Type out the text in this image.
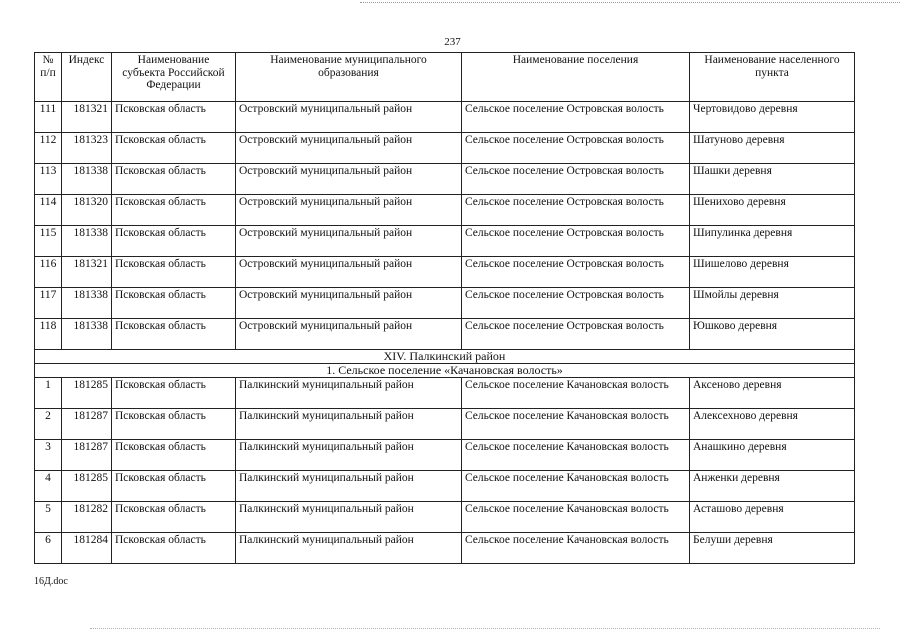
237
№ п/п	Индекс	Наименование субъекта Российской Федерации	Наименование муниципального образования	Наименование поселения	Наименование населенного пункта
111	181321	Псковская область	Островский муниципальный район	Сельское поселение Островская волость	Чертовидово деревня
112	181323	Псковская область	Островский муниципальный район	Сельское поселение Островская волость	Шатуново деревня
113	181338	Псковская область	Островский муниципальный район	Сельское поселение Островская волость	Шашки деревня
114	181320	Псковская область	Островский муниципальный район	Сельское поселение Островская волость	Шенихово деревня
115	181338	Псковская область	Островский муниципальный район	Сельское поселение Островская волость	Шипулинка деревня
116	181321	Псковская область	Островский муниципальный район	Сельское поселение Островская волость	Шишелово деревня
117	181338	Псковская область	Островский муниципальный район	Сельское поселение Островская волость	Шмойлы деревня
118	181338	Псковская область	Островский муниципальный район	Сельское поселение Островская волость	Юшково деревня
XIV. Палкинский район					
1. Сельское поселение «Качановская волость»					
1	181285	Псковская область	Палкинский муниципальный район	Сельское поселение Качановская волость	Аксеново деревня
2	181287	Псковская область	Палкинский муниципальный район	Сельское поселение Качановская волость	Алексехново деревня
3	181287	Псковская область	Палкинский муниципальный район	Сельское поселение Качановская волость	Анашкино деревня
4	181285	Псковская область	Палкинский муниципальный район	Сельское поселение Качановская волость	Анженки деревня
5	181282	Псковская область	Палкинский муниципальный район	Сельское поселение Качановская волость	Асташово деревня
6	181284	Псковская область	Палкинский муниципальный район	Сельское поселение Качановская волость	Белуши деревня
16Д.doc
